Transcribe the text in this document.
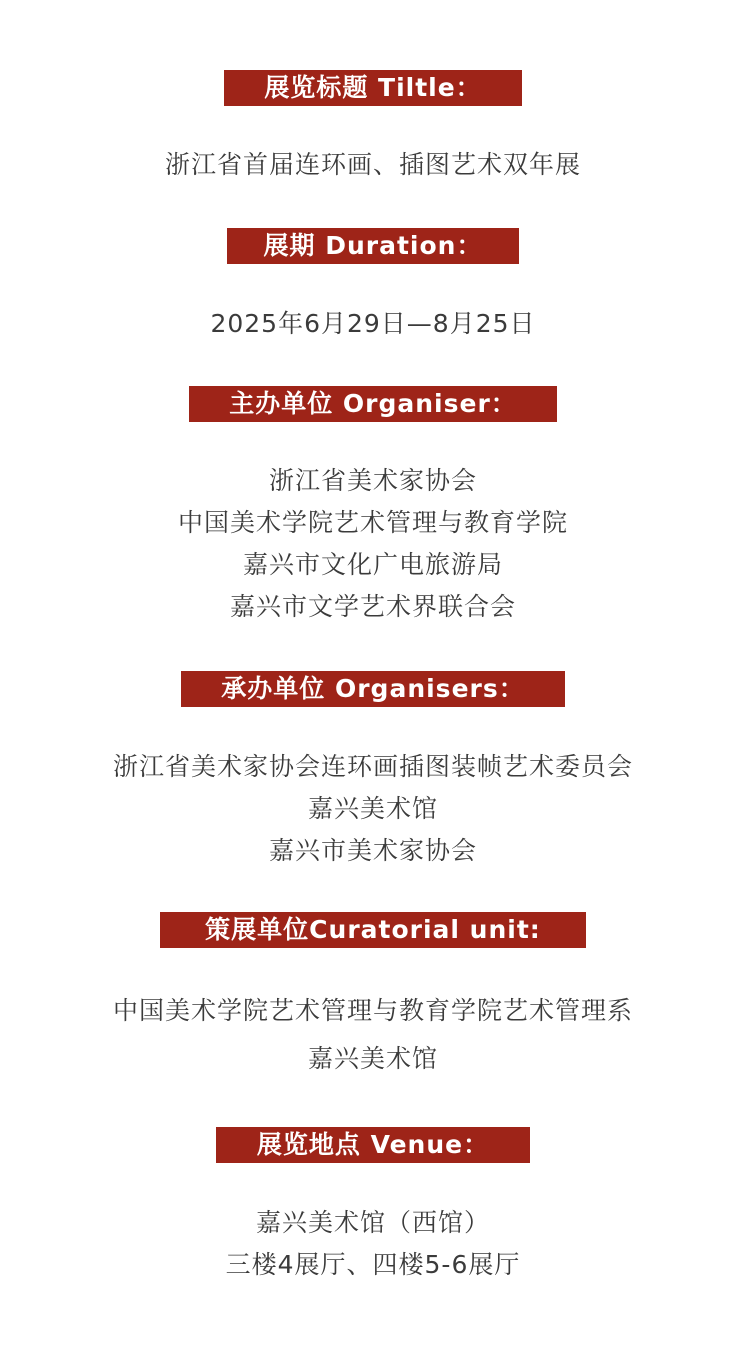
展览标题 Tiltle：
浙江省首届连环画、插图艺术双年展
展期 Duration：
2025年6月29日—8月25日
主办单位 Organiser：
浙江省美术家协会
中国美术学院艺术管理与教育学院
嘉兴市文化广电旅游局
嘉兴市文学艺术界联合会
承办单位 Organisers：
浙江省美术家协会连环画插图装帧艺术委员会
嘉兴美术馆
嘉兴市美术家协会
策展单位Curatorial unit:
中国美术学院艺术管理与教育学院艺术管理系
嘉兴美术馆
展览地点 Venue：
嘉兴美术馆（西馆）
三楼4展厅、四楼5-6展厅
